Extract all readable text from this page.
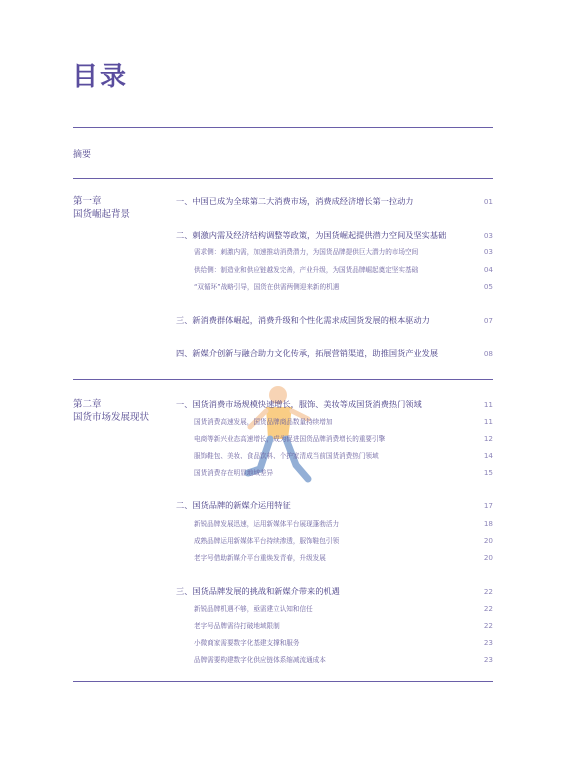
目录
摘要
第一章
国货崛起背景
一、中国已成为全球第二大消费市场，消费成经济增长第一拉动力	01
二、刺激内需及经济结构调整等政策，为国货崛起提供潜力空间及坚实基础	03
需求侧：刺激内需，加速推动消费潜力，为国货品牌提供巨大潜力的市场空间	03
供给侧：制造业和供应链越发完善，产业升级，为国货品牌崛起奠定坚实基础	04
“双循环”战略引导，国货在供需两侧迎来新的机遇	05
三、新消费群体崛起，消费升级和个性化需求成国货发展的根本驱动力	07
四、新媒介创新与融合助力文化传承，拓展营销渠道，助推国货产业发展	08
第二章
国货市场发展现状
一、国货消费市场规模快速增长，服饰、美妆等成国货消费热门领域	11
国货消费高速发展，国货品牌商品数量持续增加	11
电商等新兴业态高速增长，成为促进国货品牌消费增长的重要引擎	12
服饰鞋包、美妆、食品饮料、个护家清成当前国货消费热门领域	14
国货消费存在明显地域差异	15
二、国货品牌的新媒介运用特征	17
新锐品牌发展迅速，运用新媒体平台展现蓬勃活力	18
成熟品牌运用新媒体平台持续渗透，服饰鞋包引领	20
老字号借助新媒介平台重焕发青春，升级发展	20
三、国货品牌发展的挑战和新媒介带来的机遇	22
新锐品牌机遇不够，亟需建立认知和信任	22
老字号品牌需待打破地域限制	22
小微商家需要数字化基建支撑和服务	23
品牌需要构建数字化供应链体系缩减流通成本	23
